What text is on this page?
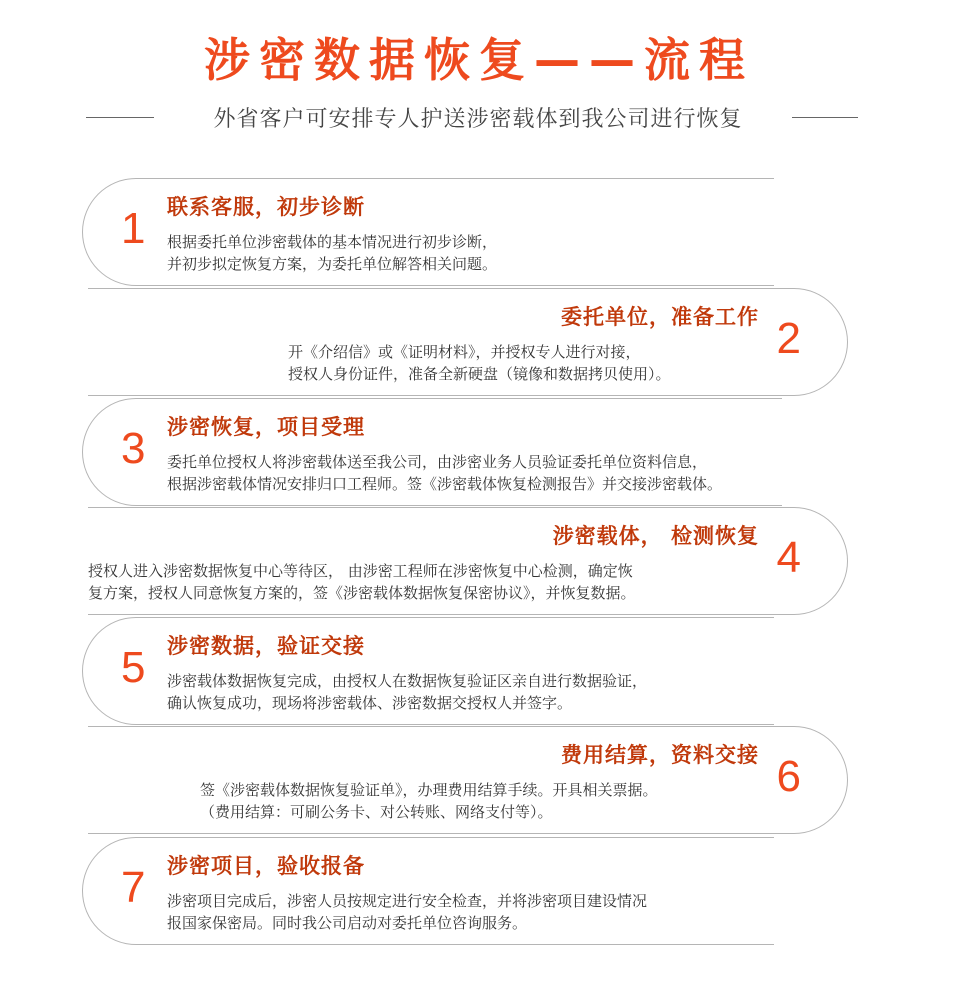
涉密数据恢复——流程
外省客户可安排专人护送涉密载体到我公司进行恢复
1 联系客服，初步诊断
根据委托单位涉密载体的基本情况进行初步诊断，
并初步拟定恢复方案，为委托单位解答相关问题。
2
委托单位，准备工作
开《介绍信》或《证明材料》，并授权专人进行对接，
授权人身份证件，准备全新硬盘（镜像和数据拷贝使用）。
3 涉密恢复，项目受理
委托单位授权人将涉密载体送至我公司，由涉密业务人员验证委托单位资料信息，
根据涉密载体情况安排归口工程师。签《涉密载体恢复检测报告》并交接涉密载体。
4
涉密载体， 检测恢复
授权人进入涉密数据恢复中心等待区， 由涉密工程师在涉密恢复中心检测，确定恢
复方案，授权人同意恢复方案的，签《涉密载体数据恢复保密协议》，并恢复数据。
5 涉密数据，验证交接
涉密载体数据恢复完成，由授权人在数据恢复验证区亲自进行数据验证，
确认恢复成功，现场将涉密载体、涉密数据交授权人并签字。
6
费用结算，资料交接
签《涉密载体数据恢复验证单》，办理费用结算手续。开具相关票据。
（费用结算：可刷公务卡、对公转账、网络支付等）。
7 涉密项目，验收报备
涉密项目完成后，涉密人员按规定进行安全检查，并将涉密项目建设情况
报国家保密局。同时我公司启动对委托单位咨询服务。
